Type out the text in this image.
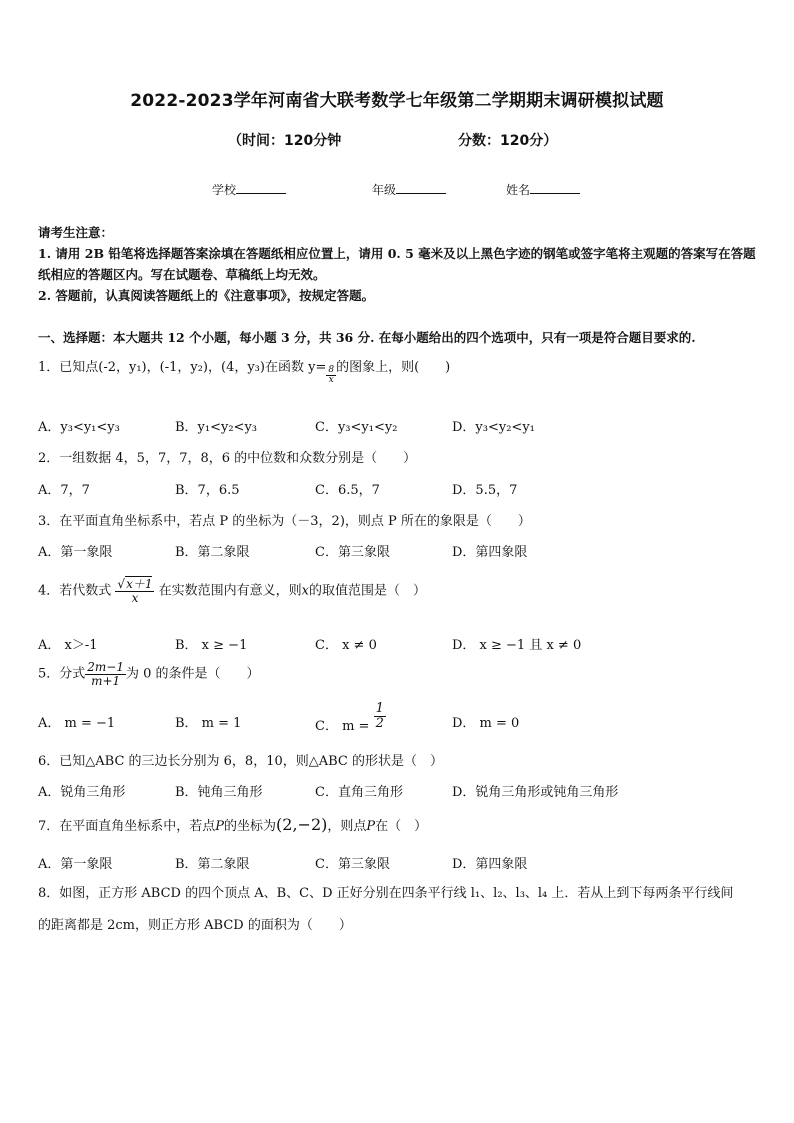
2022-2023学年河南省大联考数学七年级第二学期期末调研模拟试题
（时间：120分钟	分数：120分）
学校	年级	姓名
请考生注意：
1. 请用 2B 铅笔将选择题答案涂填在答题纸相应位置上，请用 0. 5 毫米及以上黑色字迹的钢笔或签字笔将主观题的答案写在答题纸相应的答题区内。写在试题卷、草稿纸上均无效。
2. 答题前，认真阅读答题纸上的《注意事项》，按规定答题。
一、选择题：本大题共 12 个小题，每小题 3 分，共 36 分. 在每小题给出的四个选项中，只有一项是符合题目要求的.
1．已知点(-2，y₁)，(-1，y₂)，(4，y₃)在函数 $y= \frac{8}{x}$ 的图象上，则(　　)
A．y₃<y₁<y₃	B．y₁<y₂<y₃	C．y₃<y₁<y₂	D．y₃<y₂<y₁
2．一组数据 4，5，7，7，8，6 的中位数和众数分别是（　　）
A．7，7	B．7，6.5	C．6.5，7	D．5.5，7
3．在平面直角坐标系中，若点 P 的坐标为（－3，2)，则点 P 所在的象限是（　　）
A．第一象限	B．第二象限	C．第三象限	D．第四象限
4．若代数式 $\frac{√x+1}{x}$ 在实数范围内有意义，则x的取值范围是（　）
A． x＞-1	B． x ≥ −1	C． x ≠ 0	D． x ≥ −1 且 x ≠ 0
5．分式 $\frac{2m-1}{m+1}$ 为 0 的条件是（　　）
A． m = −1	B． m = 1	C． $m = \frac{1}{2}$	D． m = 0
6．已知△ABC 的三边长分别为 6，8，10，则△ABC 的形状是（　）
A．锐角三角形	B．钝角三角形	C．直角三角形	D．锐角三角形或钝角三角形
7．在平面直角坐标系中，若点P的坐标为(2,−2)，则点P在（　）
A．第一象限	B．第二象限	C．第三象限	D．第四象限
8．如图，正方形 ABCD 的四个顶点 A、B、C、D 正好分别在四条平行线 l₁、l₂、l₃、l₄ 上．若从上到下每两条平行线间
的距离都是 2cm，则正方形 ABCD 的面积为（　　）
